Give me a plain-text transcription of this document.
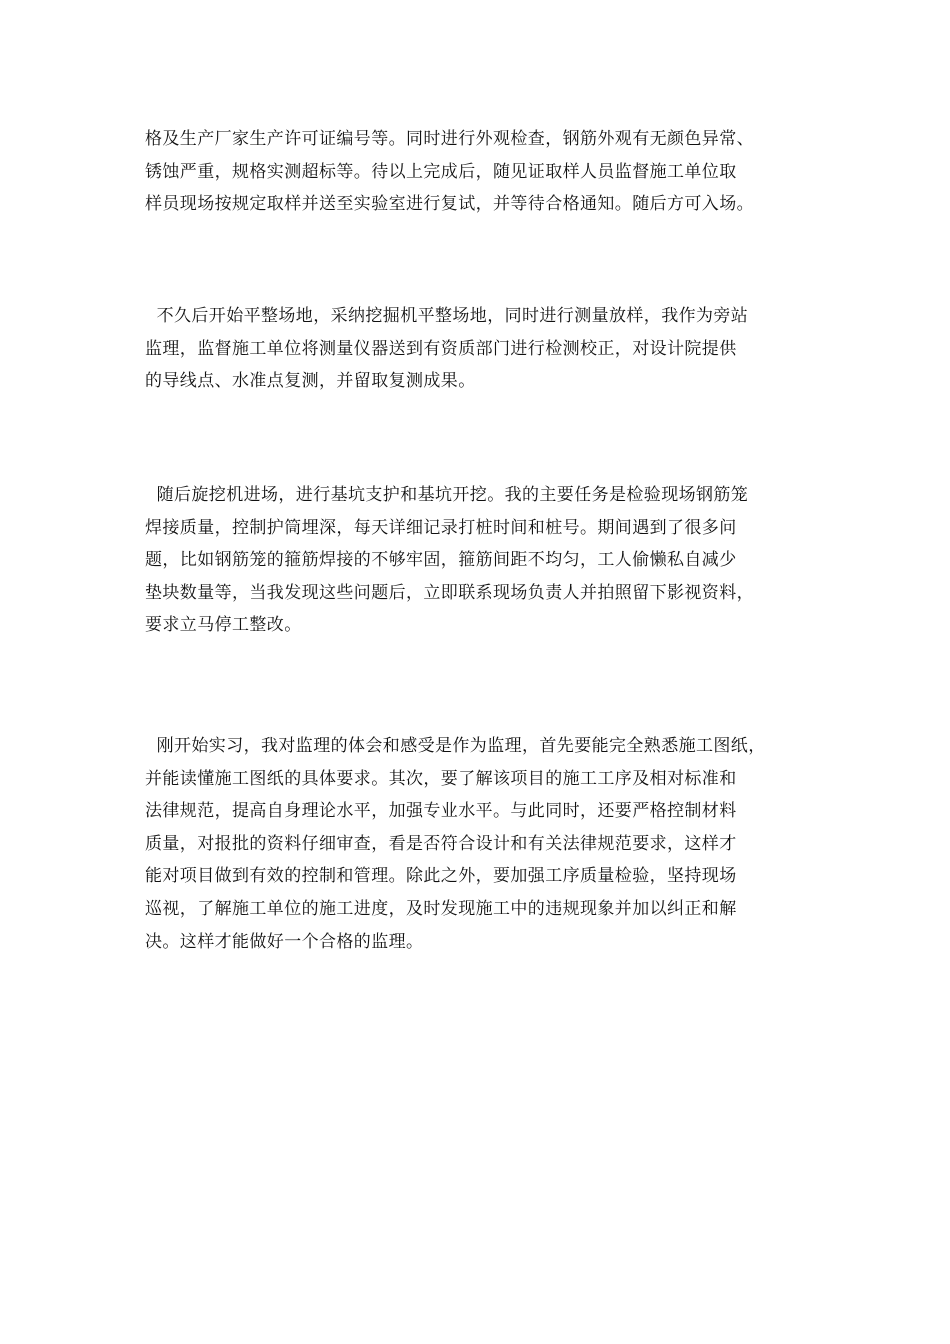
格及生产厂家生产许可证编号等。同时进行外观检查，钢筋外观有无颜色异常、
锈蚀严重，规格实测超标等。待以上完成后，随见证取样人员监督施工单位取
样员现场按规定取样并送至实验室进行复试，并等待合格通知。随后方可入场。
不久后开始平整场地，采纳挖掘机平整场地，同时进行测量放样，我作为旁站
监理，监督施工单位将测量仪器送到有资质部门进行检测校正，对设计院提供
的导线点、水准点复测，并留取复测成果。
随后旋挖机进场，进行基坑支护和基坑开挖。我的主要任务是检验现场钢筋笼
焊接质量，控制护筒埋深，每天详细记录打桩时间和桩号。期间遇到了很多问
题，比如钢筋笼的箍筋焊接的不够牢固，箍筋间距不均匀，工人偷懒私自减少
垫块数量等，当我发现这些问题后，立即联系现场负责人并拍照留下影视资料，
要求立马停工整改。
刚开始实习，我对监理的体会和感受是作为监理，首先要能完全熟悉施工图纸，
并能读懂施工图纸的具体要求。其次，要了解该项目的施工工序及相对标准和
法律规范，提高自身理论水平，加强专业水平。与此同时，还要严格控制材料
质量，对报批的资料仔细审查，看是否符合设计和有关法律规范要求，这样才
能对项目做到有效的控制和管理。除此之外，要加强工序质量检验，坚持现场
巡视，了解施工单位的施工进度，及时发现施工中的违规现象并加以纠正和解
决。这样才能做好一个合格的监理。
